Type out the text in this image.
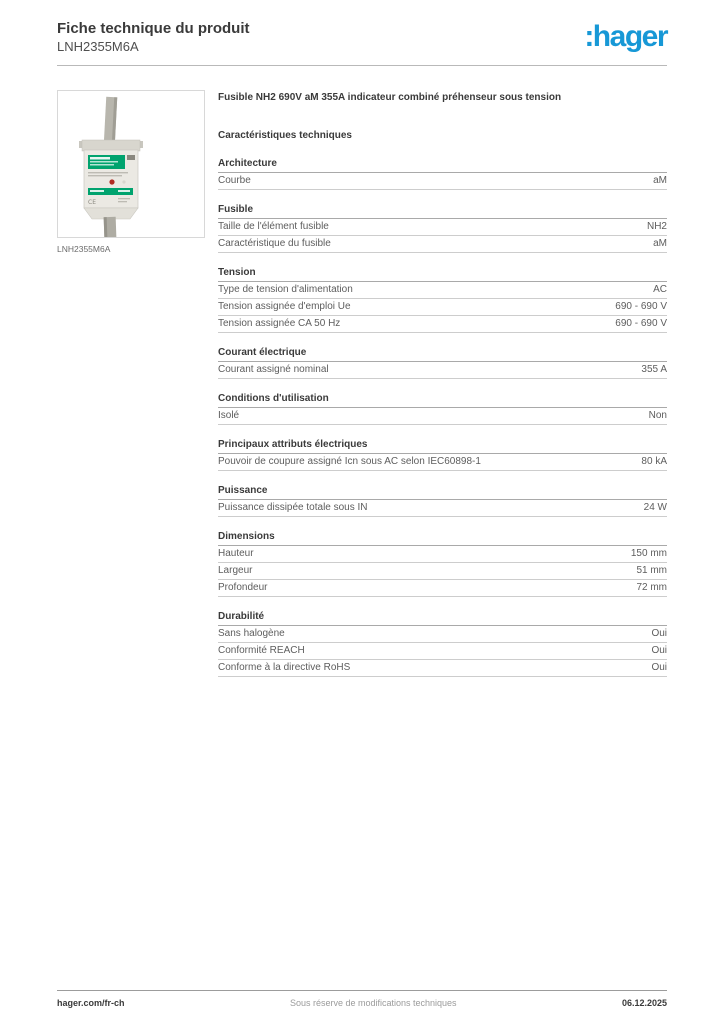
Fiche technique du produit
LNH2355M6A	:hager
CE
LNH2355M6A

Fusible NH2 690V aM 355A indicateur combiné préhenseur sous tension

Caractéristiques techniques
Architecture
Courbe	aM
Fusible
Taille de l'élément fusible	NH2
Caractéristique du fusible	aM
Tension
Type de tension d'alimentation	AC
Tension assignée d'emploi Ue	690 - 690 V
Tension assignée CA 50 Hz	690 - 690 V
Courant électrique
Courant assigné nominal	355 A
Conditions d'utilisation
Isolé	Non
Principaux attributs électriques
Pouvoir de coupure assigné Icn sous AC selon IEC60898-1	80 kA
Puissance
Puissance dissipée totale sous IN	24 W
Dimensions
Hauteur	150 mm
Largeur	51 mm
Profondeur	72 mm
Durabilité
Sans halogène	Oui
Conformité REACH	Oui
Conforme à la directive RoHS	Oui
hager.com/fr-ch	Sous réserve de modifications techniques	06.12.2025
